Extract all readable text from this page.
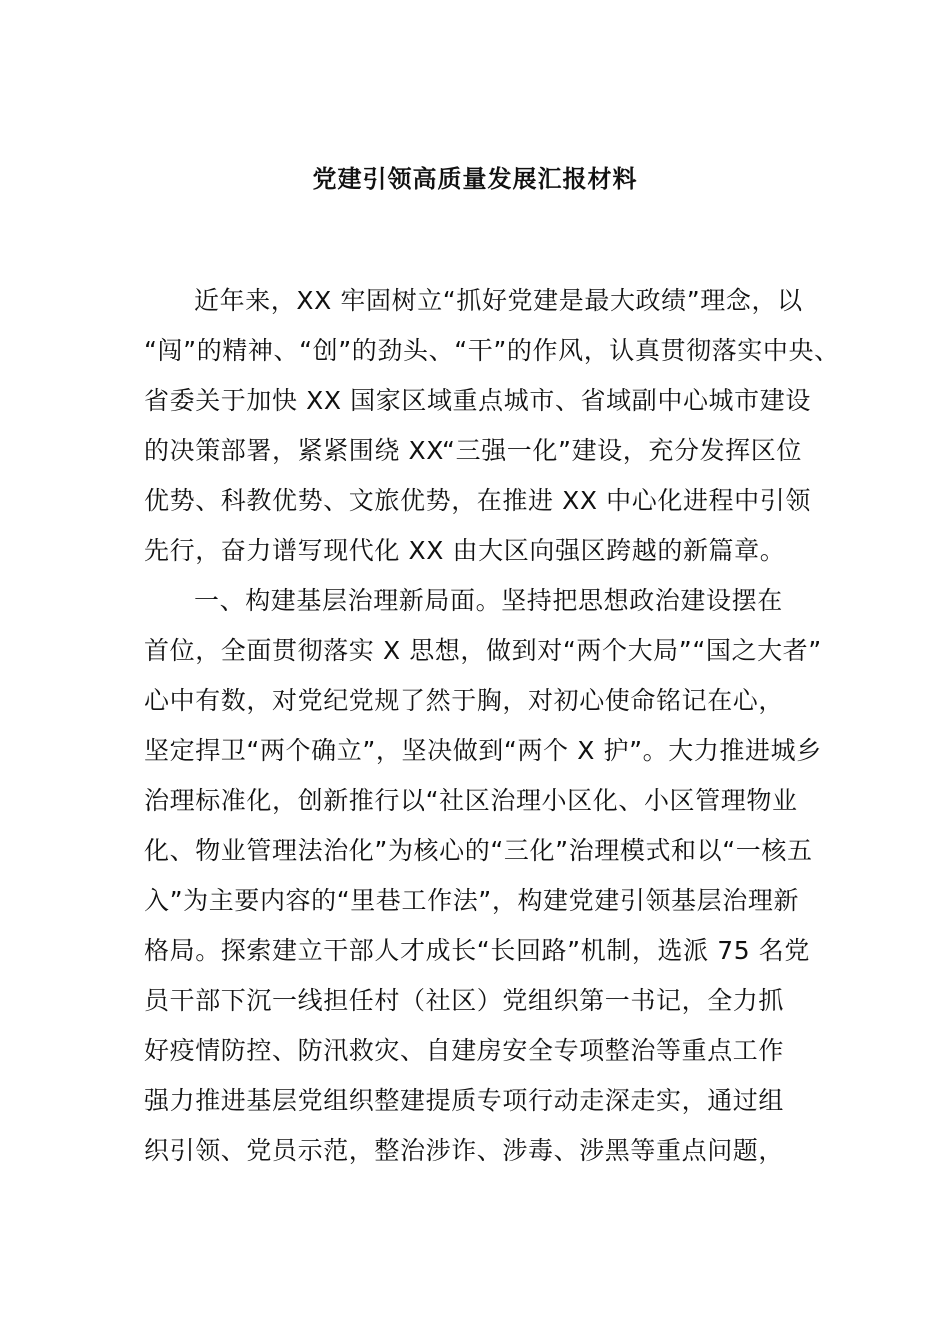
党建引领高质量发展汇报材料
近年来，XX 牢固树立“抓好党建是最大政绩”理念，以
“闯”的精神、“创”的劲头、“干”的作风，认真贯彻落实中央、
省委关于加快 XX 国家区域重点城市、省域副中心城市建设
的决策部署，紧紧围绕 XX“三强一化”建设，充分发挥区位
优势、科教优势、文旅优势，在推进 XX 中心化进程中引领
先行，奋力谱写现代化 XX 由大区向强区跨越的新篇章。
一、构建基层治理新局面。坚持把思想政治建设摆在
首位，全面贯彻落实 X 思想，做到对“两个大局”“国之大者”
心中有数，对党纪党规了然于胸，对初心使命铭记在心，
坚定捍卫“两个确立”，坚决做到“两个 X 护”。大力推进城乡
治理标准化，创新推行以“社区治理小区化、小区管理物业
化、物业管理法治化”为核心的“三化”治理模式和以“一核五
入”为主要内容的“里巷工作法”，构建党建引领基层治理新
格局。探索建立干部人才成长“长回路”机制，选派 75 名党
员干部下沉一线担任村（社区）党组织第一书记，全力抓
好疫情防控、防汛救灾、自建房安全专项整治等重点工作
强力推进基层党组织整建提质专项行动走深走实，通过组
织引领、党员示范，整治涉诈、涉毒、涉黑等重点问题，
